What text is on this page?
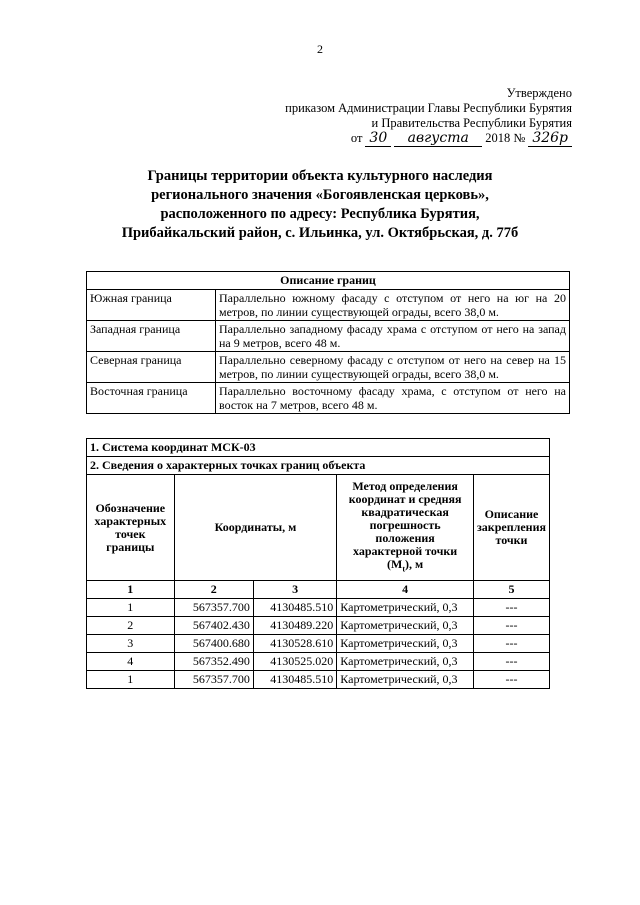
2
Утверждено
приказом Администрации Главы Республики Бурятия
и Правительства Республики Бурятия
от 30	августа	2018 № 326р
Границы территории объекта культурного наследия
регионального значения «Богоявленская церковь»,
расположенного по адресу: Республика Бурятия,
Прибайкальский район, с. Ильинка, ул. Октябрьская, д. 77б
Описание границ	
Южная граница	Параллельно южному фасаду с отступом от него на юг на 20 метров, по линии существующей ограды, всего 38,0 м.
Западная граница	Параллельно западному фасаду храма с отступом от него на запад на 9 метров, всего 48 м.
Северная граница	Параллельно северному фасаду с отступом от него на север на 15 метров, по линии существующей ограды, всего 38,0 м.
Восточная граница	Параллельно восточному фасаду храма, с отступом от него на восток на 7 метров, всего 48 м.
1. Система координат МСК-03				
2. Сведения о характерных точках границ объекта				
Обозначение характерных точек границы	Координаты, м		Метод определения координат и средняя квадратическая погрешность положения характерной точки $(M_t)$, м	Описание закрепления точки
1	2	3	4	5
1	567357.700	4130485.510	Картометрический, 0,3	---
2	567402.430	4130489.220	Картометрический, 0,3	---
3	567400.680	4130528.610	Картометрический, 0,3	---
4	567352.490	4130525.020	Картометрический, 0,3	---
1	567357.700	4130485.510	Картометрический, 0,3	---
